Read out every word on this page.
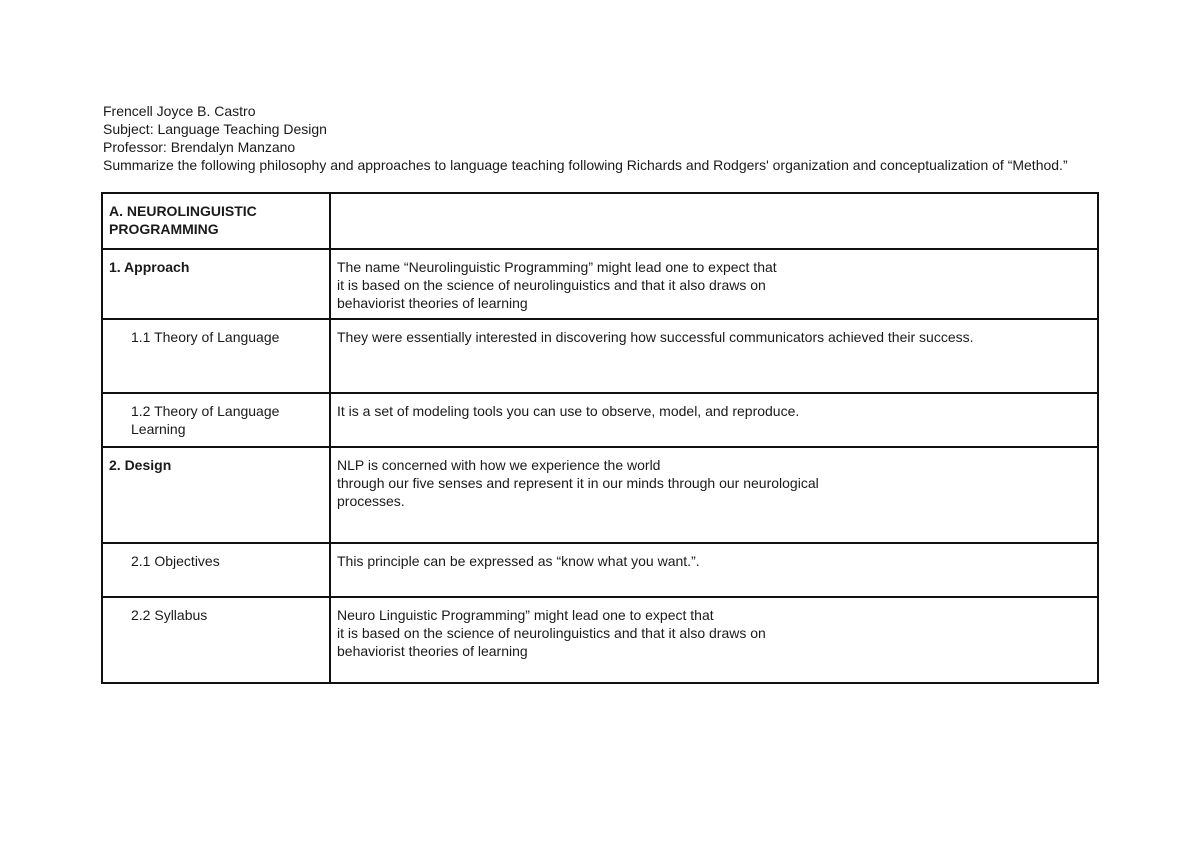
Frencell Joyce B. Castro
Subject: Language Teaching Design
Professor: Brendalyn Manzano
Summarize the following philosophy and approaches to language teaching following Richards and Rodgers' organization and conceptualization of “Method.”
A. NEUROLINGUISTIC
PROGRAMMING	

1. Approach	The name “Neurolinguistic Programming” might lead one to expect that
it is based on the science of neurolinguistics and that it also draws on
behaviorist theories of learning

1.1 Theory of Language	They were essentially interested in discovering how successful communicators achieved their success.

1.2 Theory of Language Learning	It is a set of modeling tools you can use to observe, model, and reproduce.

2. Design	NLP is concerned with how we experience the world
through our five senses and represent it in our minds through our neurological
processes.

2.1 Objectives	This principle can be expressed as “know what you want.”.

2.2 Syllabus	Neuro Linguistic Programming” might lead one to expect that
it is based on the science of neurolinguistics and that it also draws on
behaviorist theories of learning
